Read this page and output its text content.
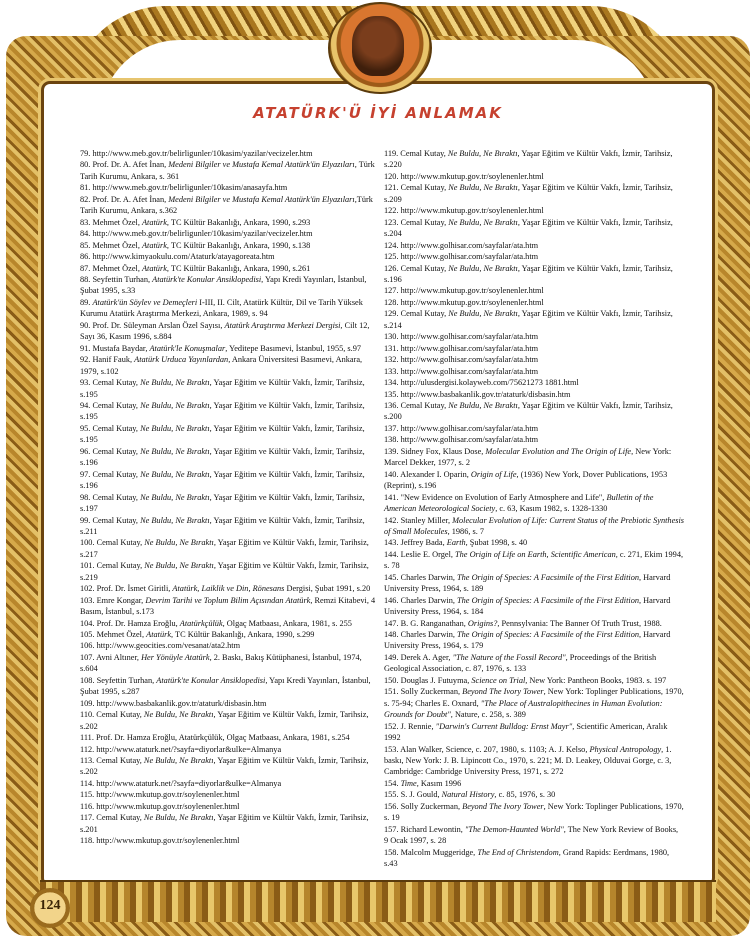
ATATÜRK'Ü İYİ ANLAMAK

79. http://www.meb.gov.tr/belirligunler/10kasim/yazilar/vecizeler.htm

80. Prof. Dr. A. Afet İnan, Medeni Bilgiler ve Mustafa Kemal Atatürk'ün Elyazıları, Türk Tarih Kurumu, Ankara, s. 361

81. http://www.meb.gov.tr/belirligunler/10kasim/anasayfa.htm

82. Prof. Dr. A. Afet İnan, Medeni Bilgiler ve Mustafa Kemal Atatürk'ün Elyazıları,Türk Tarih Kurumu, Ankara, s.362

83. Mehmet Özel, Atatürk, TC Kültür Bakanlığı, Ankara, 1990, s.293

84. http://www.meb.gov.tr/belirligunler/10kasim/yazilar/vecizeler.htm

85. Mehmet Özel, Atatürk, TC Kültür Bakanlığı, Ankara, 1990, s.138

86. http://www.kimyaokulu.com/Ataturk/atayagoreata.htm

87. Mehmet Özel, Atatürk, TC Kültür Bakanlığı, Ankara, 1990, s.261

88. Seyfettin Turhan, Atatürk'te Konular Ansiklopedisi, Yapı Kredi Yayınları, İstanbul, Şubat 1995, s.33

89. Atatürk'ün Söylev ve Demeçleri I-III, II. Cilt, Atatürk Kültür, Dil ve Tarih Yüksek Kurumu Atatürk Araştırma Merkezi, Ankara, 1989, s. 94

90. Prof. Dr. Süleyman Arslan Özel Sayısı, Atatürk Araştırma Merkezi Dergisi, Cilt 12, Sayı 36, Kasım 1996, s.884

91. Mustafa Baydar, Atatürk'le Konuşmalar, Yeditepe Basımevi, İstanbul, 1955, s.97

92. Hanif Fauk, Atatürk Urduca Yayınlardan, Ankara Üniversitesi Basımevi, Ankara, 1979, s.102

93. Cemal Kutay, Ne Buldu, Ne Bıraktı, Yaşar Eğitim ve Kültür Vakfı, İzmir, Tarihsiz, s.195

94. Cemal Kutay, Ne Buldu, Ne Bıraktı, Yaşar Eğitim ve Kültür Vakfı, İzmir, Tarihsiz, s.195

95. Cemal Kutay, Ne Buldu, Ne Bıraktı, Yaşar Eğitim ve Kültür Vakfı, İzmir, Tarihsiz, s.195

96. Cemal Kutay, Ne Buldu, Ne Bıraktı, Yaşar Eğitim ve Kültür Vakfı, İzmir, Tarihsiz, s.196

97. Cemal Kutay, Ne Buldu, Ne Bıraktı, Yaşar Eğitim ve Kültür Vakfı, İzmir, Tarihsiz, s.196

98. Cemal Kutay, Ne Buldu, Ne Bıraktı, Yaşar Eğitim ve Kültür Vakfı, İzmir, Tarihsiz, s.197

99. Cemal Kutay, Ne Buldu, Ne Bıraktı, Yaşar Eğitim ve Kültür Vakfı, İzmir, Tarihsiz, s.211

100. Cemal Kutay, Ne Buldu, Ne Bıraktı, Yaşar Eğitim ve Kültür Vakfı, İzmir, Tarihsiz, s.217

101. Cemal Kutay, Ne Buldu, Ne Bıraktı, Yaşar Eğitim ve Kültür Vakfı, İzmir, Tarihsiz, s.219

102. Prof. Dr. İsmet Giritli, Atatürk, Laiklik ve Din, Rönesans Dergisi, Şubat 1991, s.20

103. Emre Kongar, Devrim Tarihi ve Toplum Bilim Açısından Atatürk, Remzi Kitabevi, 4 Basım, İstanbul, s.173

104. Prof. Dr. Hamza Eroğlu, Atatürkçülük, Olgaç Matbaası, Ankara, 1981, s. 255

105. Mehmet Özel, Atatürk, TC Kültür Bakanlığı, Ankara, 1990, s.299

106. http://www.geocities.com/vesanat/ata2.htm

107. Avni Altıner, Her Yönüyle Atatürk, 2. Baskı, Bakış Kütüphanesi, İstanbul, 1974, s.604

108. Seyfettin Turhan, Atatürk'te Konular Ansiklopedisi, Yapı Kredi Yayınları, İstanbul, Şubat 1995, s.287

109. http://www.basbakanlik.gov.tr/ataturk/disbasin.htm

110. Cemal Kutay, Ne Buldu, Ne Bıraktı, Yaşar Eğitim ve Kültür Vakfı, İzmir, Tarihsiz, s.202

111. Prof. Dr. Hamza Eroğlu, Atatürkçülük, Olgaç Matbaası, Ankara, 1981, s.254

112. http://www.ataturk.net/?sayfa=diyorlar&ulke=Almanya

113. Cemal Kutay, Ne Buldu, Ne Bıraktı, Yaşar Eğitim ve Kültür Vakfı, İzmir, Tarihsiz, s.202

114. http://www.ataturk.net/?sayfa=diyorlar&ulke=Almanya

115. http://www.mkutup.gov.tr/soylenenler.html

116. http://www.mkutup.gov.tr/soylenenler.html

117. Cemal Kutay, Ne Buldu, Ne Bıraktı, Yaşar Eğitim ve Kültür Vakfı, İzmir, Tarihsiz, s.201

118. http://www.mkutup.gov.tr/soylenenler.html

119. Cemal Kutay, Ne Buldu, Ne Bıraktı, Yaşar Eğitim ve Kültür Vakfı, İzmir, Tarihsiz, s.220

120. http://www.mkutup.gov.tr/soylenenler.html

121. Cemal Kutay, Ne Buldu, Ne Bıraktı, Yaşar Eğitim ve Kültür Vakfı, İzmir, Tarihsiz, s.209

122. http://www.mkutup.gov.tr/soylenenler.html

123. Cemal Kutay, Ne Buldu, Ne Bıraktı, Yaşar Eğitim ve Kültür Vakfı, İzmir, Tarihsiz, s.204

124. http://www.golhisar.com/sayfalar/ata.htm

125. http://www.golhisar.com/sayfalar/ata.htm

126. Cemal Kutay, Ne Buldu, Ne Bıraktı, Yaşar Eğitim ve Kültür Vakfı, İzmir, Tarihsiz, s.196

127. http://www.mkutup.gov.tr/soylenenler.html

128. http://www.mkutup.gov.tr/soylenenler.html

129. Cemal Kutay, Ne Buldu, Ne Bıraktı, Yaşar Eğitim ve Kültür Vakfı, İzmir, Tarihsiz, s.214

130. http://www.golhisar.com/sayfalar/ata.htm

131. http://www.golhisar.com/sayfalar/ata.htm

132. http://www.golhisar.com/sayfalar/ata.htm

133. http://www.golhisar.com/sayfalar/ata.htm

134. http://ulusdergisi.kolayweb.com/75621273 1881.html

135. http://www.basbakanlik.gov.tr/ataturk/disbasin.htm

136. Cemal Kutay, Ne Buldu, Ne Bıraktı, Yaşar Eğitim ve Kültür Vakfı, İzmir, Tarihsiz, s.200

137. http://www.golhisar.com/sayfalar/ata.htm

138. http://www.golhisar.com/sayfalar/ata.htm

139. Sidney Fox, Klaus Dose, Molecular Evolution and The Origin of Life, New York: Marcel Dekker, 1977, s. 2

140. Alexander I. Oparin, Origin of Life, (1936) New York, Dover Publications, 1953 (Reprint), s.196

141. "New Evidence on Evolution of Early Atmosphere and Life", Bulletin of the American Meteorological Society, c. 63, Kasım 1982, s. 1328-1330

142. Stanley Miller, Molecular Evolution of Life: Current Status of the Prebiotic Synthesis of Small Molecules, 1986, s. 7

143. Jeffrey Bada, Earth, Şubat 1998, s. 40

144. Leslie E. Orgel, The Origin of Life on Earth, Scientific American, c. 271, Ekim 1994, s. 78

145. Charles Darwin, The Origin of Species: A Facsimile of the First Edition, Harvard University Press, 1964, s. 189

146. Charles Darwin, The Origin of Species: A Facsimile of the First Edition, Harvard University Press, 1964, s. 184

147. B. G. Ranganathan, Origins?, Pennsylvania: The Banner Of Truth Trust, 1988.

148. Charles Darwin, The Origin of Species: A Facsimile of the First Edition, Harvard University Press, 1964, s. 179

149. Derek A. Ager, "The Nature of the Fossil Record", Proceedings of the British Geological Association, c. 87, 1976, s. 133

150. Douglas J. Futuyma, Science on Trial, New York: Pantheon Books, 1983. s. 197

151. Solly Zuckerman, Beyond The Ivory Tower, New York: Toplinger Publications, 1970, s. 75-94; Charles E. Oxnard, "The Place of Australopithecines in Human Evolution: Grounds for Doubt", Nature, c. 258, s. 389

152. J. Rennie, "Darwin's Current Bulldog: Ernst Mayr", Scientific American, Aralık 1992

153. Alan Walker, Science, c. 207, 1980, s. 1103; A. J. Kelso, Physical Antropology, 1. baskı, New York: J. B. Lipincott Co., 1970, s. 221; M. D. Leakey, Olduvai Gorge, c. 3, Cambridge: Cambridge University Press, 1971, s. 272

154. Time, Kasım 1996

155. S. J. Gould, Natural History, c. 85, 1976, s. 30

156. Solly Zuckerman, Beyond The Ivory Tower, New York: Toplinger Publications, 1970, s. 19

157. Richard Lewontin, "The Demon-Haunted World", The New York Review of Books, 9 Ocak 1997, s. 28

158. Malcolm Muggeridge, The End of Christendom, Grand Rapids: Eerdmans, 1980, s.43

124
